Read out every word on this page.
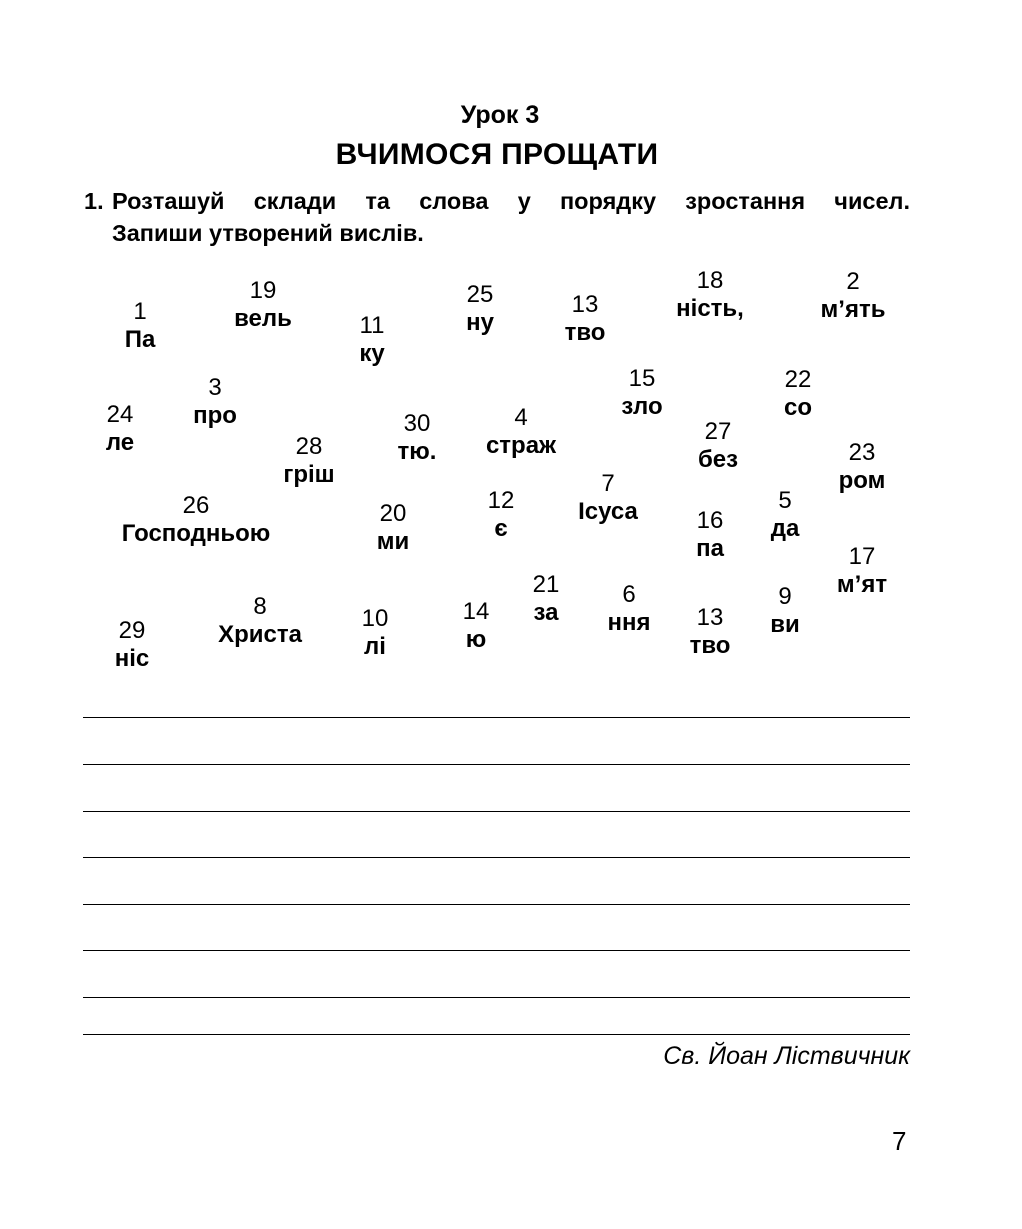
Урок 3
ВЧИМОСЯ ПРОЩАТИ
1. Розташуй склади та слова у порядку зростання чисел.
Запиши утворений вислів.
1
Па
19
вель	11
ку
25
ну
13
тво
18
ність,
2
м’ять
24
ле
3
про
28
гріш
30
тю.
4
страж
15
зло
27
без
22
со
23
ром
26
Господньою
20
ми
12
є
7
Ісуса 16
па
5
да
17
м’ят
29
ніс
8
Христа
10
лі
14
ю
21
за
6
ння 13
тво
9
ви
Св. Йоан Ліствичник
7
